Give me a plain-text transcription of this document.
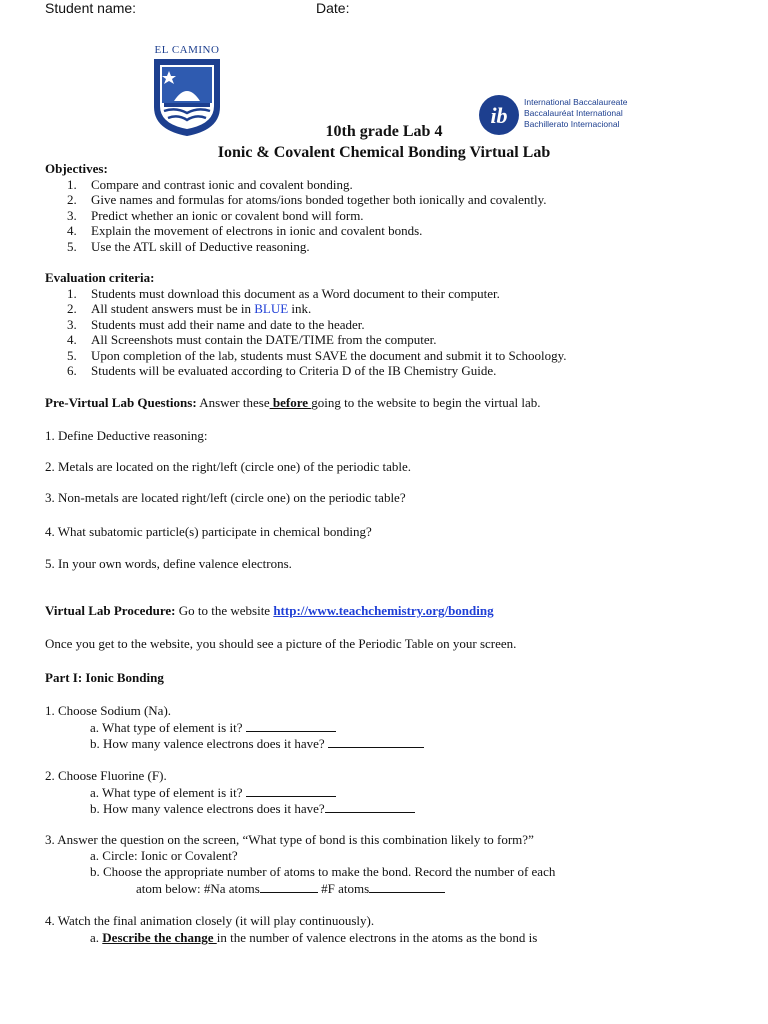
Student name:	Date:
EL CAMINO
ib
International Baccalaureate
Baccalauréat International
Bachillerato Internacional
10th grade Lab 4
Ionic & Covalent Chemical Bonding Virtual Lab
Objectives:
1. Compare and contrast ionic and covalent bonding.
2. Give names and formulas for atoms/ions bonded together both ionically and covalently.
3. Predict whether an ionic or covalent bond will form.
4. Explain the movement of electrons in ionic and covalent bonds.
5. Use the ATL skill of Deductive reasoning.
Evaluation criteria:
1. Students must download this document as a Word document to their computer.
2. All student answers must be in BLUE ink.
3. Students must add their name and date to the header.
4. All Screenshots must contain the DATE/TIME from the computer.
5. Upon completion of the lab, students must SAVE the document and submit it to Schoology.
6. Students will be evaluated according to Criteria D of the IB Chemistry Guide.
Pre-Virtual Lab Questions: Answer these before going to the website to begin the virtual lab.
1. Define Deductive reasoning:
2. Metals are located on the right/left (circle one) of the periodic table.
3. Non-metals are located right/left (circle one) on the periodic table?
4. What subatomic particle(s) participate in chemical bonding?
5. In your own words, define valence electrons.
Virtual Lab Procedure: Go to the website http://www.teachchemistry.org/bonding
Once you get to the website, you should see a picture of the Periodic Table on your screen.
Part I: Ionic Bonding
1. Choose Sodium (Na).
a. What type of element is it?
b. How many valence electrons does it have?
2. Choose Fluorine (F).
a. What type of element is it?
b. How many valence electrons does it have?
3. Answer the question on the screen, “What type of bond is this combination likely to form?”
a. Circle: Ionic or Covalent?
b. Choose the appropriate number of atoms to make the bond. Record the number of each
atom below: #Na atoms	#F atoms
4. Watch the final animation closely (it will play continuously).
a. Describe the change in the number of valence electrons in the atoms as the bond is
